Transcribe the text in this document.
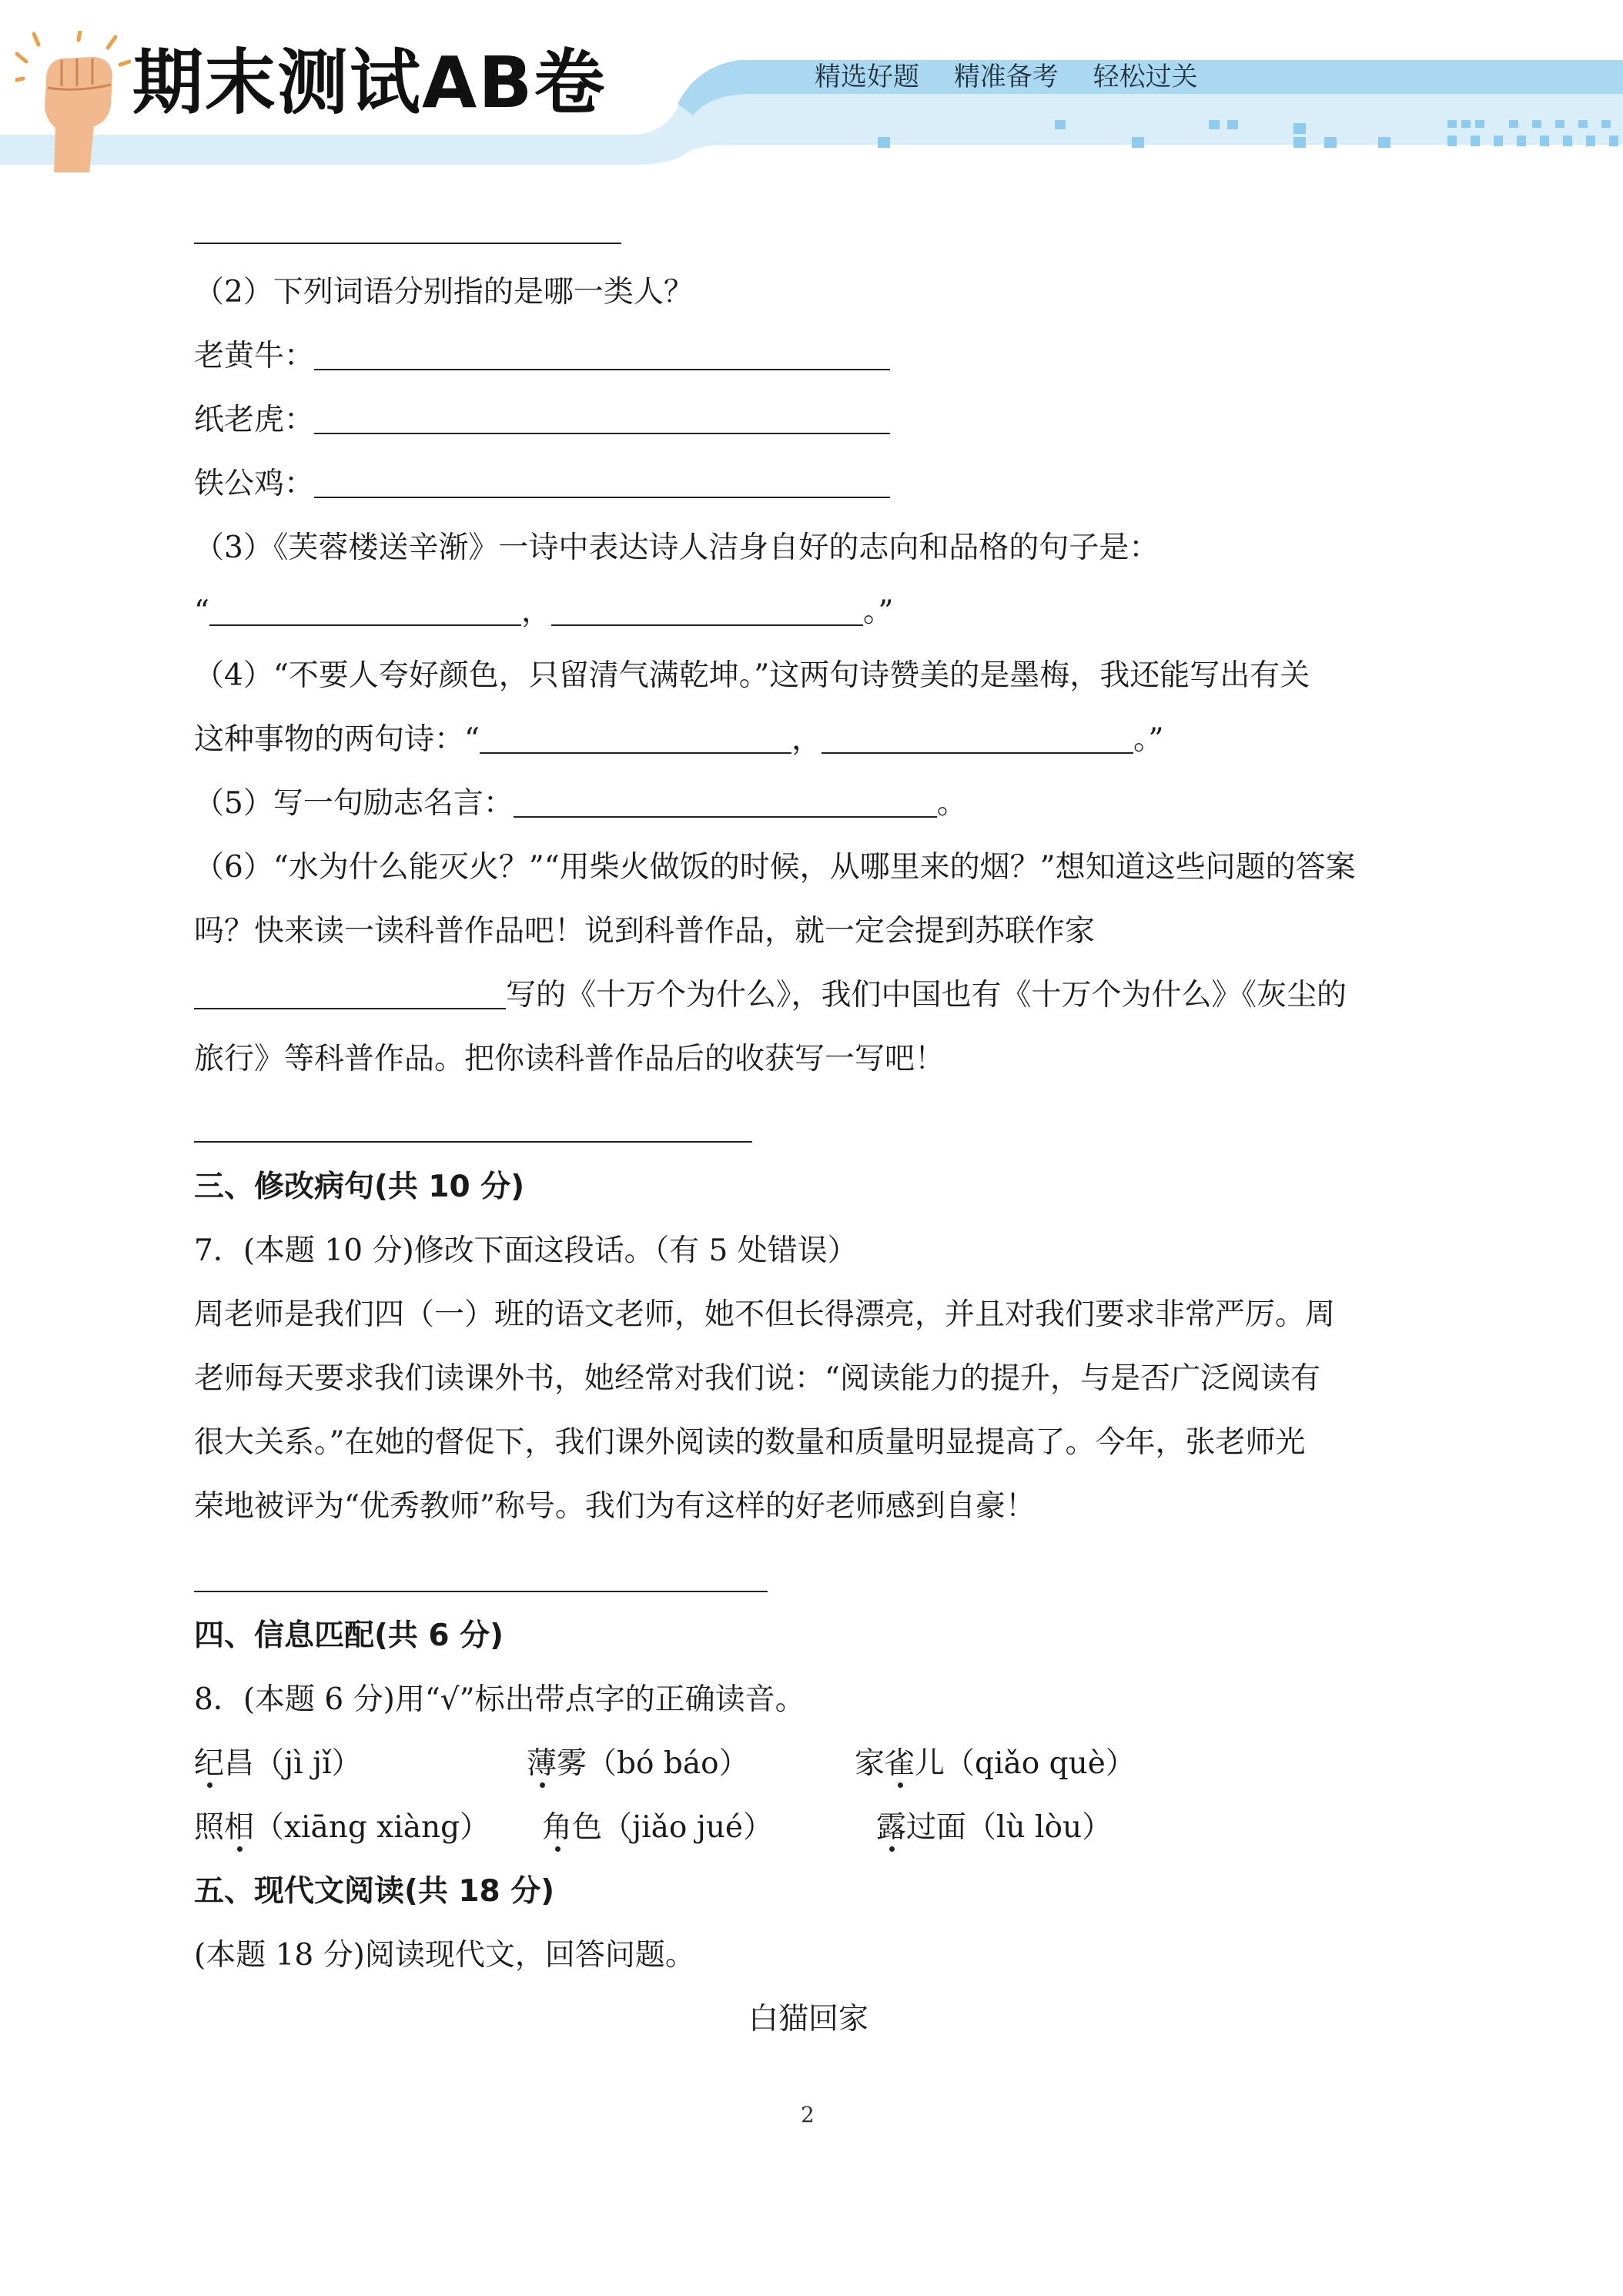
期末测试AB卷	精选好题 精准备考 轻松过关
（2）下列词语分别指的是哪一类人？
老黄牛：
纸老虎：
铁公鸡：
（3）《芙蓉楼送辛渐》一诗中表达诗人洁身自好的志向和品格的句子是：
“	，	。”
（4）“不要人夸好颜色，只留清气满乾坤。”这两句诗赞美的是墨梅，我还能写出有关
这种事物的两句诗：“	，	。”
（5）写一句励志名言：	。
（6）“水为什么能灭火？”“用柴火做饭的时候，从哪里来的烟？”想知道这些问题的答案
吗？快来读一读科普作品吧！说到科普作品，就一定会提到苏联作家
写的《十万个为什么》，我们中国也有《十万个为什么》《灰尘的
旅行》等科普作品。把你读科普作品后的收获写一写吧！
三、修改病句(共 10 分)
7．(本题 10 分)修改下面这段话。（有 5 处错误）
周老师是我们四（一）班的语文老师，她不但长得漂亮，并且对我们要求非常严厉。周
老师每天要求我们读课外书，她经常对我们说：“阅读能力的提升，与是否广泛阅读有
很大关系。”在她的督促下，我们课外阅读的数量和质量明显提高了。今年，张老师光
荣地被评为“优秀教师”称号。我们为有这样的好老师感到自豪！
四、信息匹配(共 6 分)
8．(本题 6 分)用“√”标出带点字的正确读音。
纪昌（jì jǐ）	薄雾（bó báo）	家雀儿（qiǎo què）
照相（xiāng xiàng） 角色（jiǎo jué）	露过面（lù lòu）
五、现代文阅读(共 18 分)
(本题 18 分)阅读现代文，回答问题。
白猫回家
2
